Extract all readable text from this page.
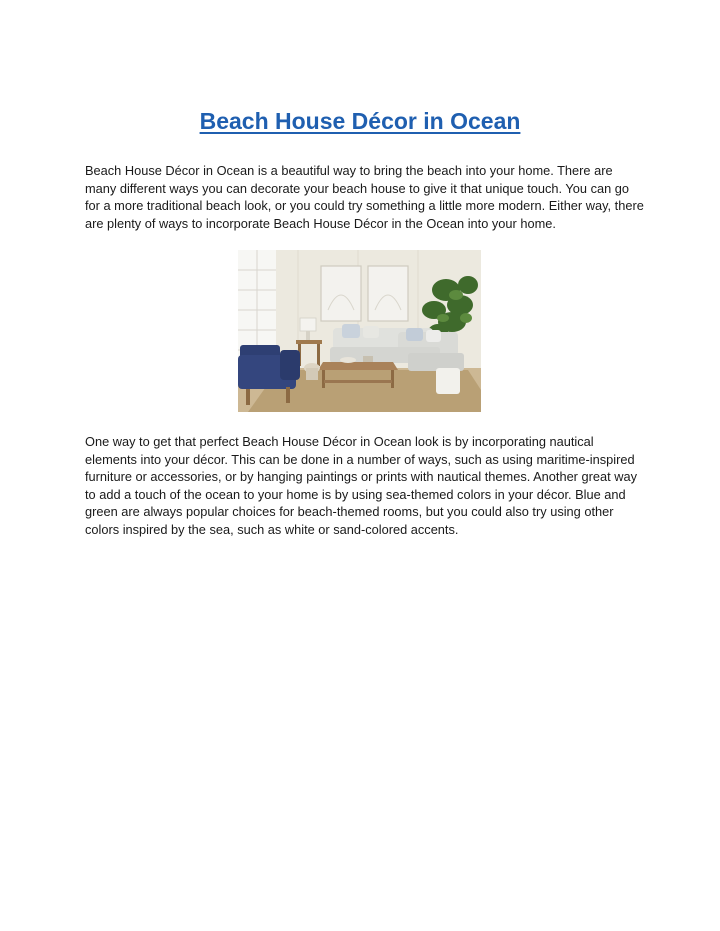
Beach House Décor in Ocean

Beach House Décor in Ocean is a beautiful way to bring the beach into your home. There are many different ways you can decorate your beach house to give it that unique touch. You can go for a more traditional beach look, or you could try something a little more modern. Either way, there are plenty of ways to incorporate Beach House Décor in the Ocean into your home.

One way to get that perfect Beach House Décor in Ocean look is by incorporating nautical elements into your décor. This can be done in a number of ways, such as using maritime-inspired furniture or accessories, or by hanging paintings or prints with nautical themes. Another great way to add a touch of the ocean to your home is by using sea-themed colors in your décor. Blue and green are always popular choices for beach-themed rooms, but you could also try using other colors inspired by the sea, such as white or sand-colored accents.
